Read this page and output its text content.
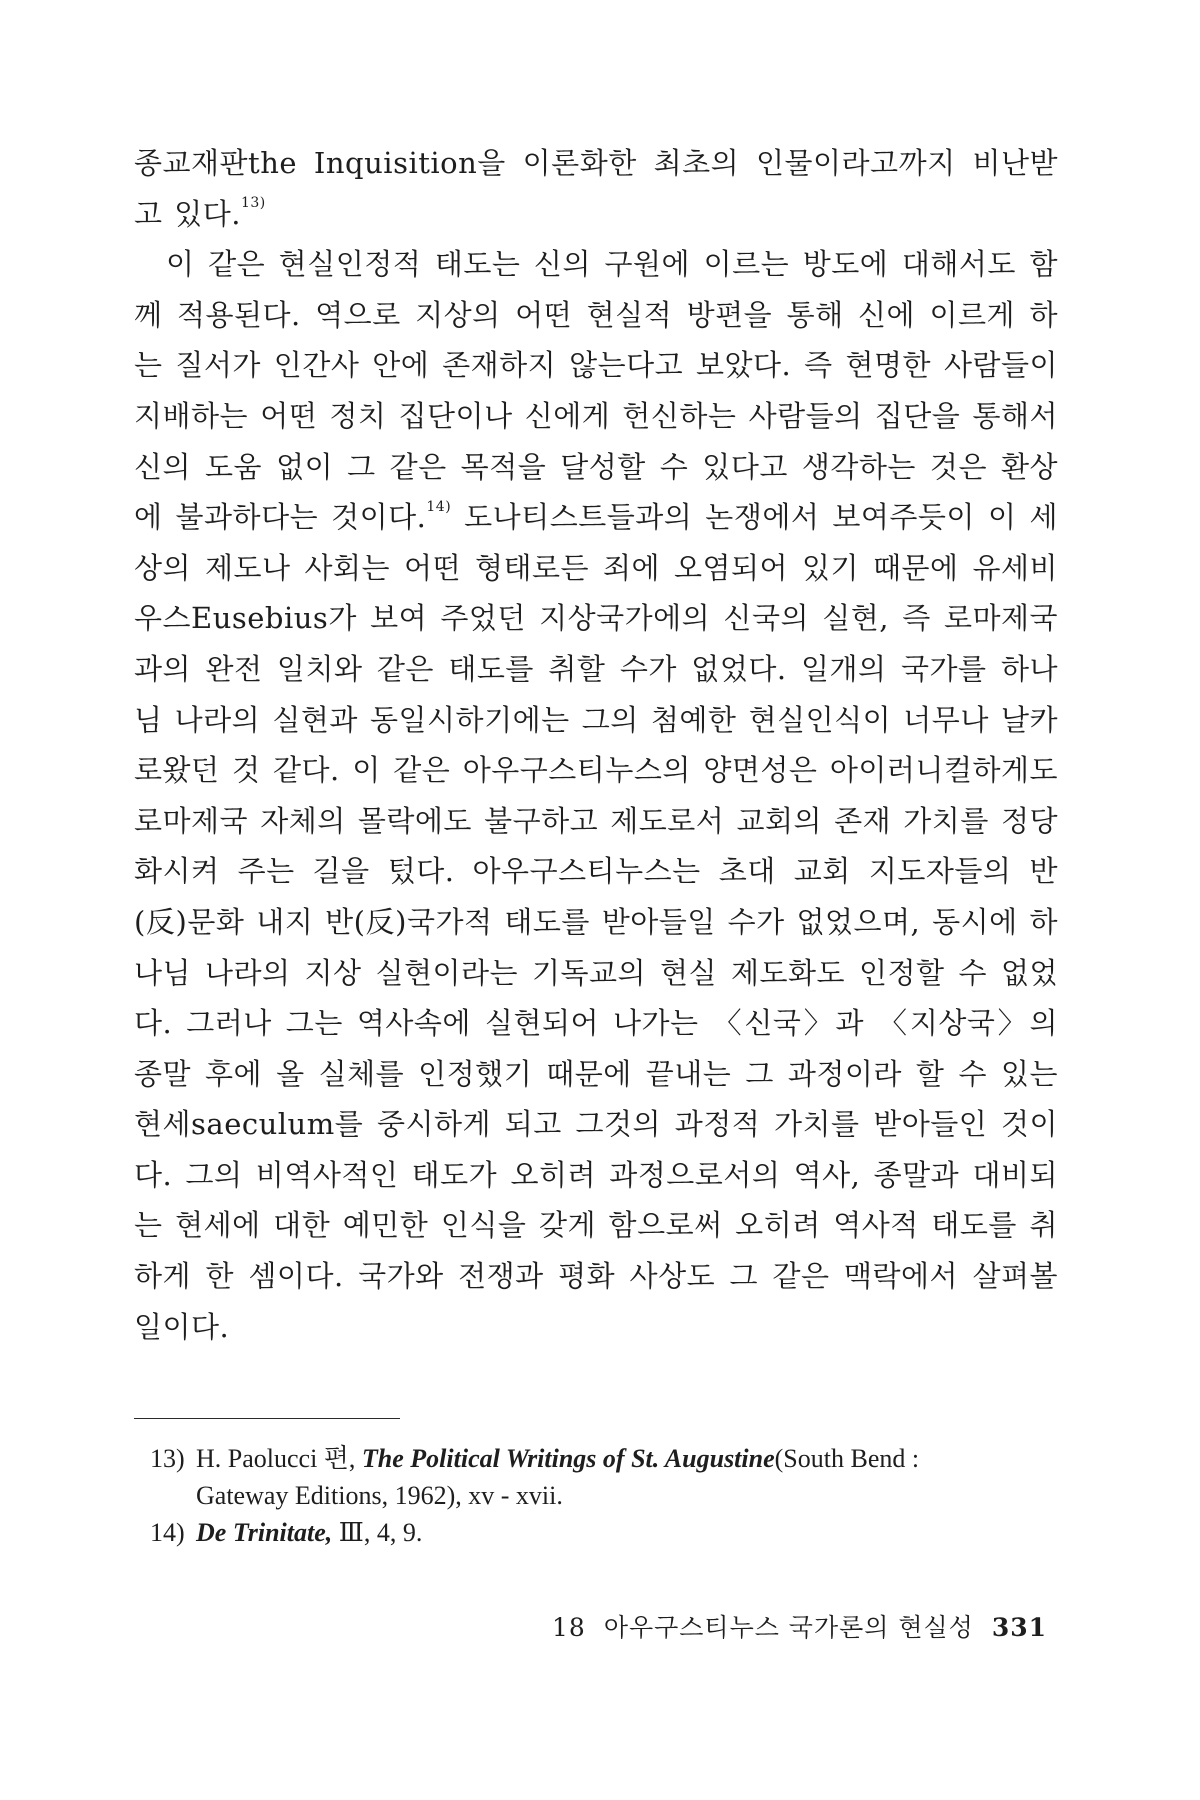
종교재판the Inquisition을 이론화한 최초의 인물이라고까지 비난받고 있다.$^{13)}$

이 같은 현실인정적 태도는 신의 구원에 이르는 방도에 대해서도 함께 적용된다. 역으로 지상의 어떤 현실적 방편을 통해 신에 이르게 하는 질서가 인간사 안에 존재하지 않는다고 보았다. 즉 현명한 사람들이 지배하는 어떤 정치 집단이나 신에게 헌신하는 사람들의 집단을 통해서 신의 도움 없이 그 같은 목적을 달성할 수 있다고 생각하는 것은 환상에 불과하다는 것이다.$^{14)}$ 도나티스트들과의 논쟁에서 보여주듯이 이 세상의 제도나 사회는 어떤 형태로든 죄에 오염되어 있기 때문에 유세비우스Eusebius가 보여 주었던 지상국가에의 신국의 실현, 즉 로마제국과의 완전 일치와 같은 태도를 취할 수가 없었다. 일개의 국가를 하나님 나라의 실현과 동일시하기에는 그의 첨예한 현실인식이 너무나 날카로왔던 것 같다. 이 같은 아우구스티누스의 양면성은 아이러니컬하게도 로마제국 자체의 몰락에도 불구하고 제도로서 교회의 존재 가치를 정당화시켜 주는 길을 텄다. 아우구스티누스는 초대 교회 지도자들의 반(反)문화 내지 반(反)국가적 태도를 받아들일 수가 없었으며, 동시에 하나님 나라의 지상 실현이라는 기독교의 현실 제도화도 인정할 수 없었다. 그러나 그는 역사속에 실현되어 나가는 〈신국〉과 〈지상국〉의 종말 후에 올 실체를 인정했기 때문에 끝내는 그 과정이라 할 수 있는 현세saeculum를 중시하게 되고 그것의 과정적 가치를 받아들인 것이다. 그의 비역사적인 태도가 오히려 과정으로서의 역사, 종말과 대비되는 현세에 대한 예민한 인식을 갖게 함으로써 오히려 역사적 태도를 취하게 한 셈이다. 국가와 전쟁과 평화 사상도 그 같은 맥락에서 살펴볼 일이다.

13) H. Paolucci 편, The Political Writings of St. Augustine(South Bend :
Gateway Editions, 1962), xv - xvii.

14) De Trinitate, Ⅲ, 4, 9.

18 아우구스티누스 국가론의 현실성 331
